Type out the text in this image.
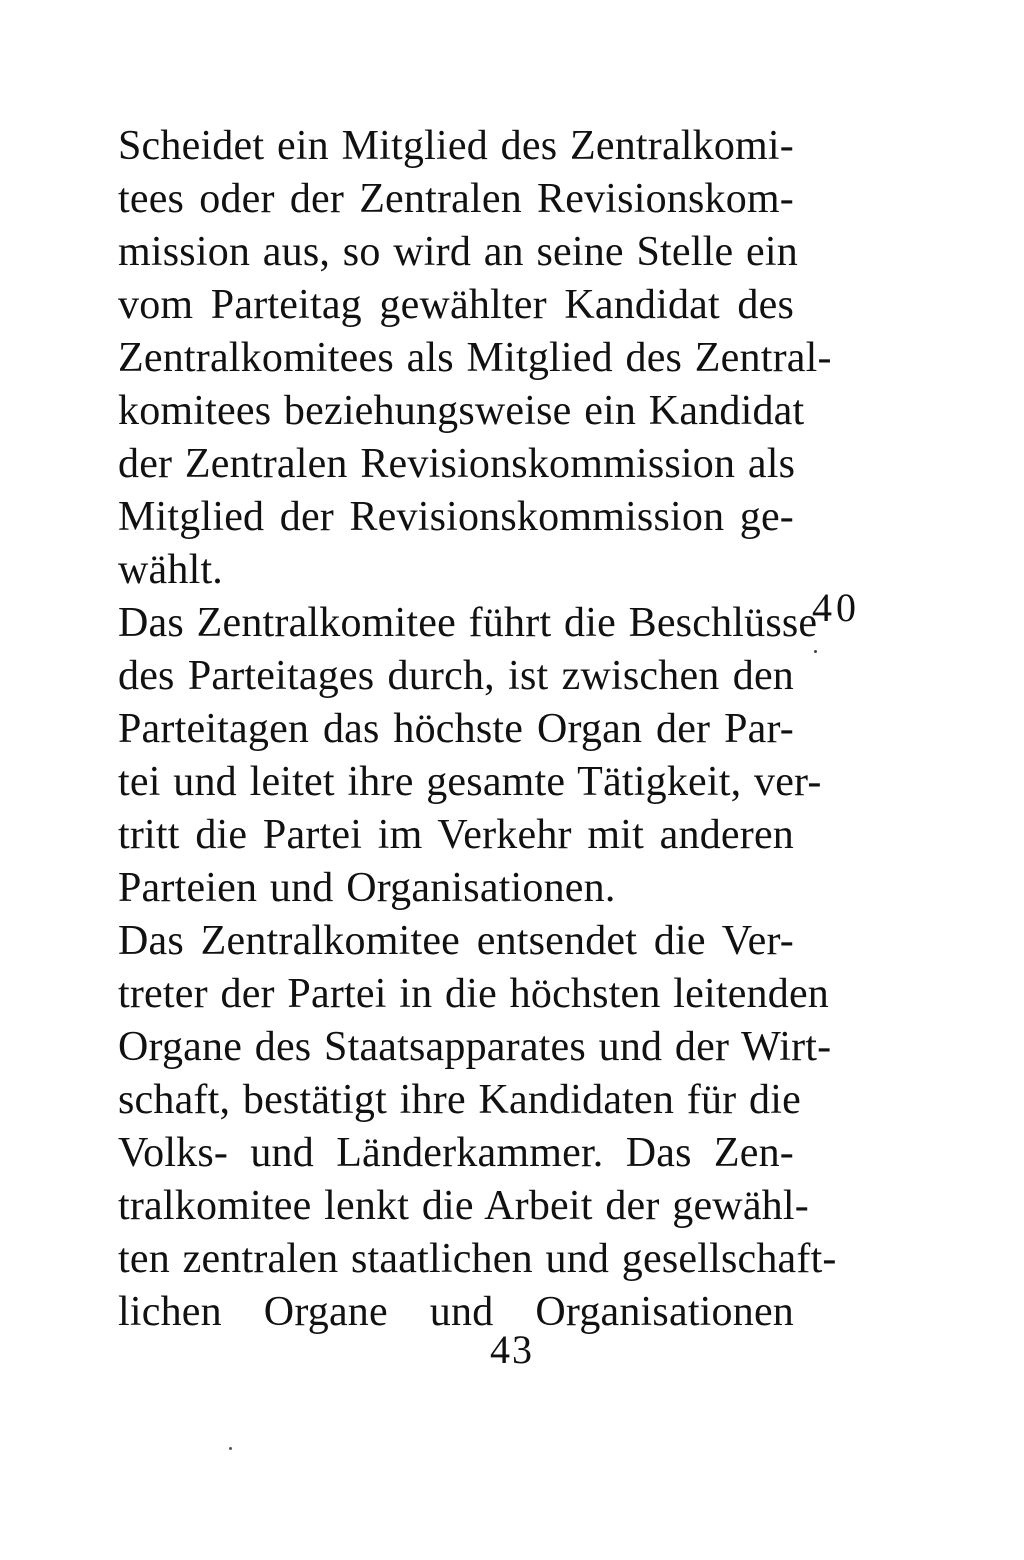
Scheidet ein Mitglied des Zentralkomi-
tees oder der Zentralen Revisionskom-
mission aus, so wird an seine Stelle ein
vom Parteitag gewählter Kandidat des
Zentralkomitees als Mitglied des Zentral-
komitees beziehungsweise ein Kandidat
der Zentralen Revisionskommission als
Mitglied der Revisionskommission ge-
wählt.
Das Zentralkomitee führt die Beschlüsse
des Parteitages durch, ist zwischen den
Parteitagen das höchste Organ der Par-
tei und leitet ihre gesamte Tätigkeit, ver-
tritt die Partei im Verkehr mit anderen
Parteien und Organisationen.
Das Zentralkomitee entsendet die Ver-
treter der Partei in die höchsten leitenden
Organe des Staatsapparates und der Wirt-
schaft, bestätigt ihre Kandidaten für die
Volks- und Länderkammer. Das Zen-
tralkomitee lenkt die Arbeit der gewähl-
ten zentralen staatlichen und gesellschaft-
lichen Organe und Organisationen
40
43
